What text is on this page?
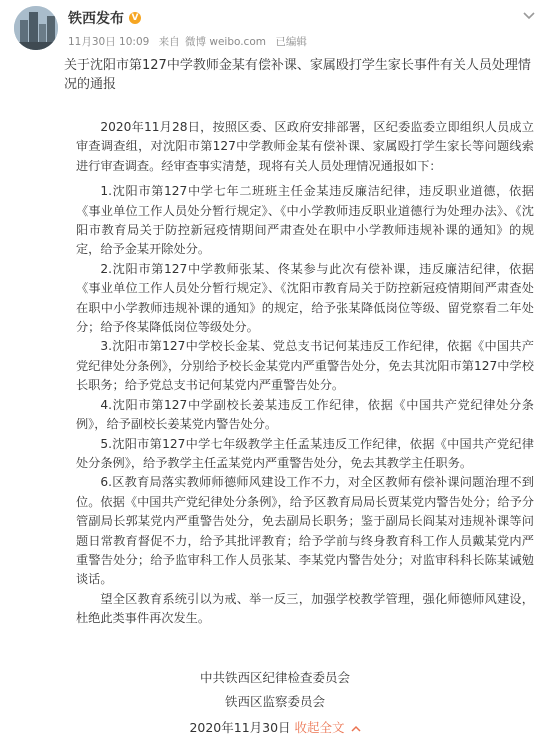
铁西发布 V
11月30日 10:09 来自 微博 weibo.com 已编辑
关于沈阳市第127中学教师金某有偿补课、家属殴打学生家长事件有关人员处理情况的通报

2020年11月28日，按照区委、区政府安排部署，区纪委监委立即组织人员成立审查调查组，对沈阳市第127中学教师金某有偿补课、家属殴打学生家长等问题线索进行审查调查。经审查事实清楚，现将有关人员处理情况通报如下：

1.沈阳市第127中学七年二班班主任金某违反廉洁纪律，违反职业道德，依据《事业单位工作人员处分暂行规定》、《中小学教师违反职业道德行为处理办法》、《沈阳市教育局关于防控新冠疫情期间严肃查处在职中小学教师违规补课的通知》的规定，给予金某开除处分。

2.沈阳市第127中学教师张某、佟某参与此次有偿补课，违反廉洁纪律，依据《事业单位工作人员处分暂行规定》、《沈阳市教育局关于防控新冠疫情期间严肃查处在职中小学教师违规补课的通知》的规定，给予张某降低岗位等级、留党察看二年处分；给予佟某降低岗位等级处分。

3.沈阳市第127中学校长金某、党总支书记何某违反工作纪律，依据《中国共产党纪律处分条例》，分别给予校长金某党内严重警告处分，免去其沈阳市第127中学校长职务；给予党总支书记何某党内严重警告处分。

4.沈阳市第127中学副校长姜某违反工作纪律，依据《中国共产党纪律处分条例》，给予副校长姜某党内警告处分。

5.沈阳市第127中学七年级教学主任孟某违反工作纪律，依据《中国共产党纪律处分条例》，给予教学主任孟某党内严重警告处分，免去其教学主任职务。

6.区教育局落实教师师德师风建设工作不力，对全区教师有偿补课问题治理不到位。依据《中国共产党纪律处分条例》，给予区教育局局长贾某党内警告处分；给予分管副局长郭某党内严重警告处分，免去副局长职务；鉴于副局长阎某对违规补课等问题日常教育督促不力，给予其批评教育；给予学前与终身教育科工作人员戴某党内严重警告处分；给予监审科工作人员张某、李某党内警告处分；对监审科科长陈某诫勉谈话。

望全区教育系统引以为戒、举一反三，加强学校教学管理，强化师德师风建设，杜绝此类事件再次发生。

中共铁西区纪律检查委员会
铁西区监察委员会
2020年11月30日 收起全文
